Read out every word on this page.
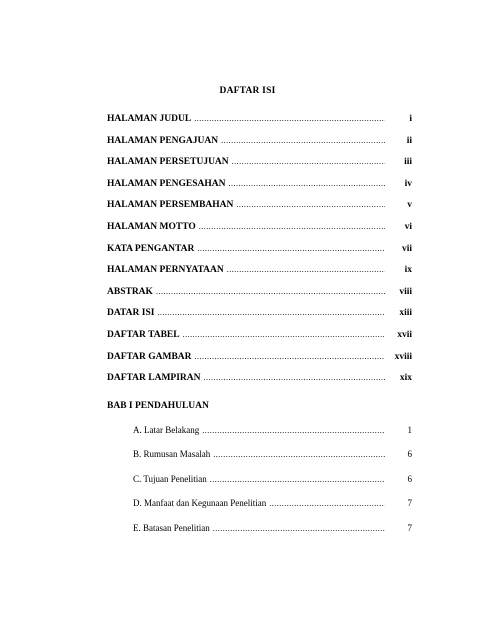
DAFTAR ISI
HALAMAN JUDUL .....	i
HALAMAN PENGAJUAN .....	ii
HALAMAN PERSETUJUAN .....	iii
HALAMAN PENGESAHAN .....	iv
HALAMAN PERSEMBAHAN .....	v
HALAMAN MOTTO .....	vi
KATA PENGANTAR .....	vii
HALAMAN PERNYATAAN .....	ix
ABSTRAK .....	viii
DATAR ISI .....	xiii
DAFTAR TABEL .....	xvii
DAFTAR GAMBAR .....	xviii
DAFTAR LAMPIRAN .....	xix
BAB I PENDAHULUAN
A. Latar Belakang .....	1
B. Rumusan Masalah .....	6
C. Tujuan Penelitian .....	6
D. Manfaat dan Kegunaan Penelitian .....	7
E. Batasan Penelitian .....	7
